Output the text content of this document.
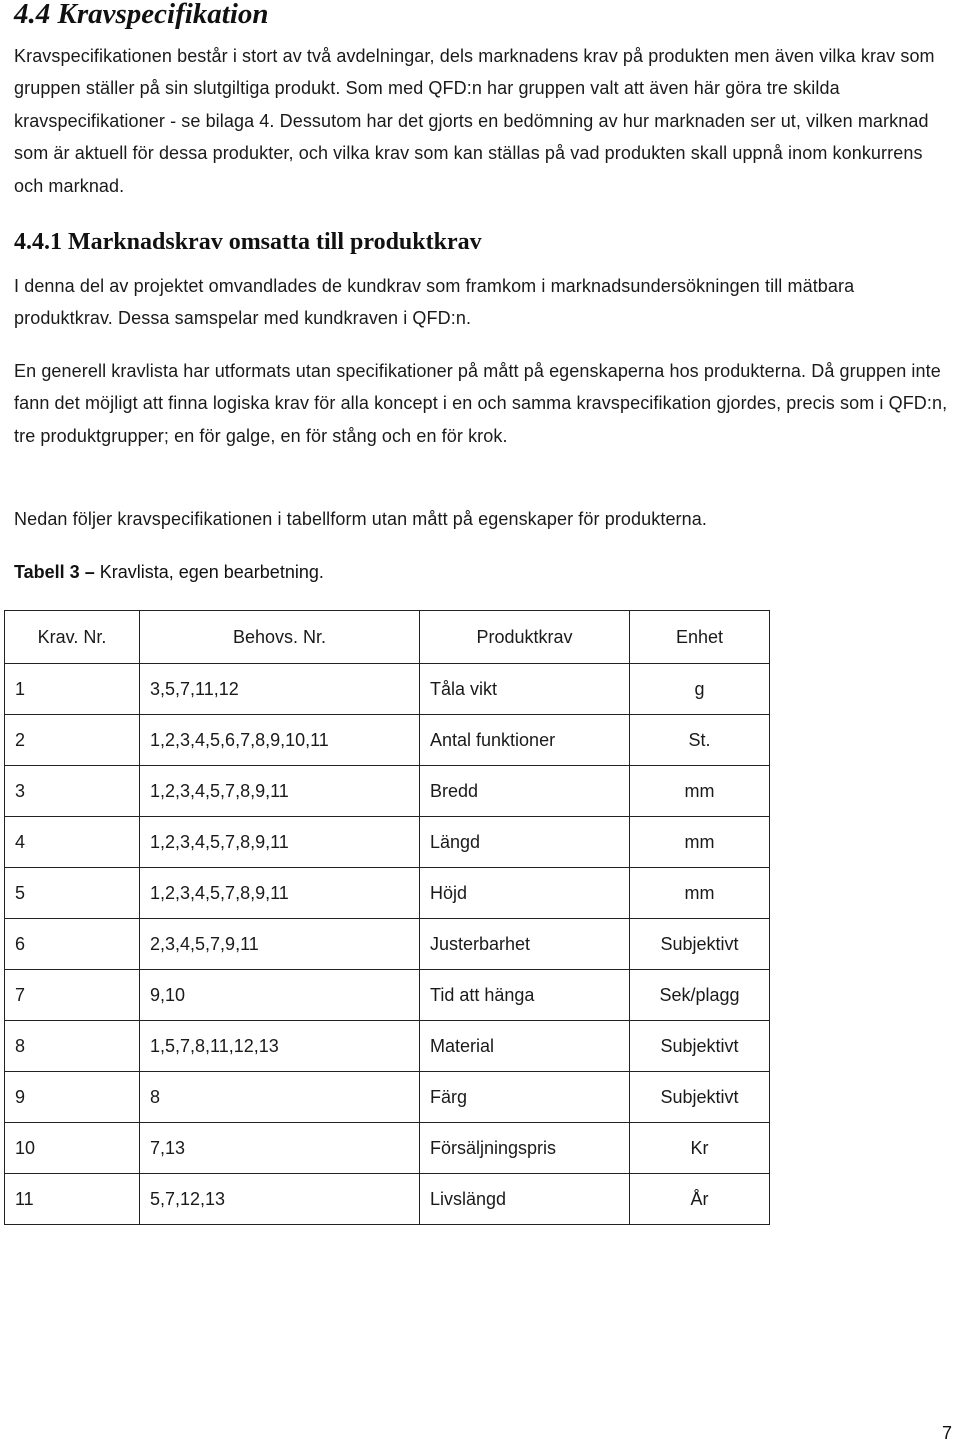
4.4 Kravspecifikation

Kravspecifikationen består i stort av två avdelningar, dels marknadens krav på produkten men även vilka krav som gruppen ställer på sin slutgiltiga produkt. Som med QFD:n har gruppen valt att även här göra tre skilda kravspecifikationer - se bilaga 4. Dessutom har det gjorts en bedömning av hur marknaden ser ut, vilken marknad som är aktuell för dessa produkter, och vilka krav som kan ställas på vad produkten skall uppnå inom konkurrens och marknad.

4.4.1 Marknadskrav omsatta till produktkrav

I denna del av projektet omvandlades de kundkrav som framkom i marknadsundersökningen till mätbara produktkrav. Dessa samspelar med kundkraven i QFD:n.

En generell kravlista har utformats utan specifikationer på mått på egenskaperna hos produkterna. Då gruppen inte fann det möjligt att finna logiska krav för alla koncept i en och samma kravspecifikation gjordes, precis som i QFD:n, tre produktgrupper; en för galge, en för stång och en för krok.

Nedan följer kravspecifikationen i tabellform utan mått på egenskaper för produkterna.

Tabell 3 – Kravlista, egen bearbetning.

Krav. Nr.	Behovs. Nr.	Produktkrav	Enhet
1	3,5,7,11,12	Tåla vikt	g
2	1,2,3,4,5,6,7,8,9,10,11	Antal funktioner	St.
3	1,2,3,4,5,7,8,9,11	Bredd	mm
4	1,2,3,4,5,7,8,9,11	Längd	mm
5	1,2,3,4,5,7,8,9,11	Höjd	mm
6	2,3,4,5,7,9,11	Justerbarhet	Subjektivt
7	9,10	Tid att hänga	Sek/plagg
8	1,5,7,8,11,12,13	Material	Subjektivt
9	8	Färg	Subjektivt
10	7,13	Försäljningspris	Kr
11	5,7,12,13	Livslängd	År
7
